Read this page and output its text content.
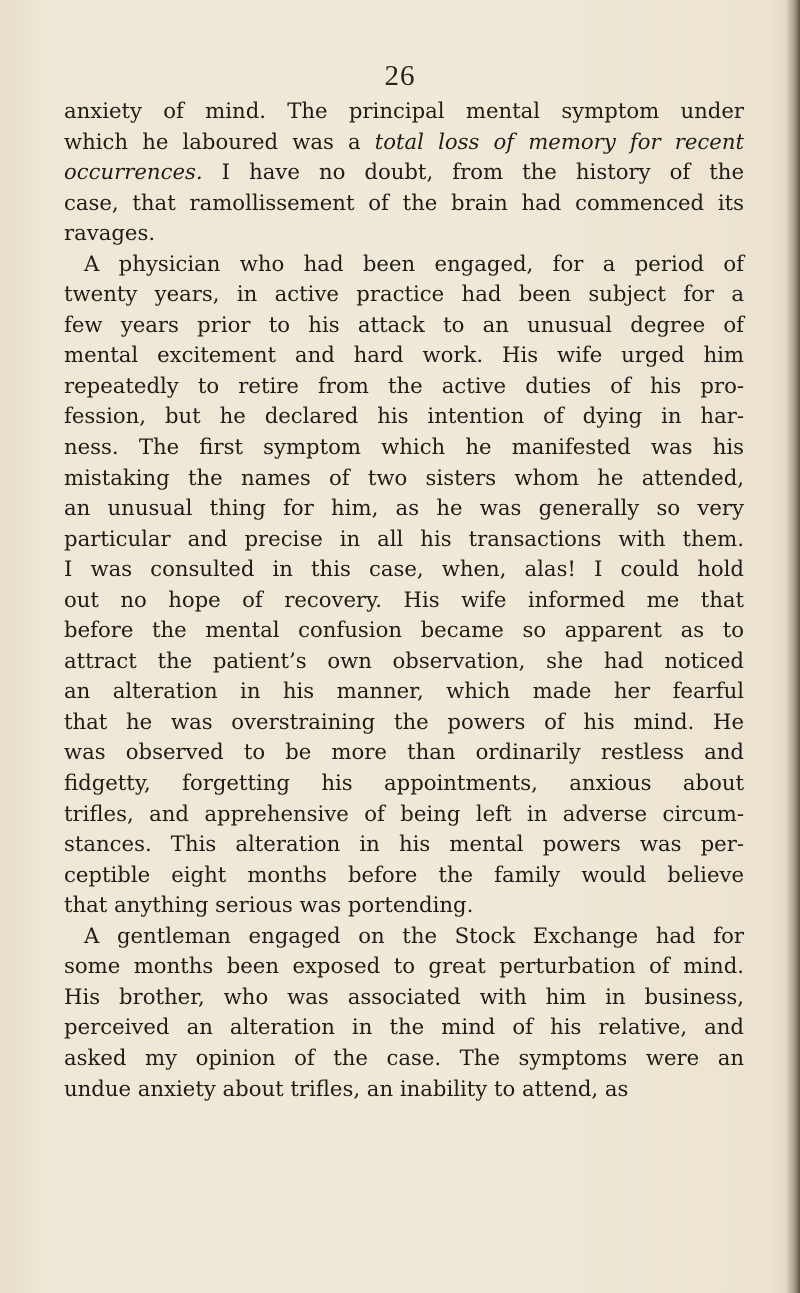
26
anxiety of mind. The principal mental symptom under
which he laboured was a total loss of memory for recent
occurrences. I have no doubt, from the history of the
case, that ramollissement of the brain had commenced its
ravages.
A physician who had been engaged, for a period of
twenty years, in active practice had been subject for a
few years prior to his attack to an unusual degree of
mental excitement and hard work. His wife urged him
repeatedly to retire from the active duties of his pro-
fession, but he declared his intention of dying in har-
ness. The first symptom which he manifested was his
mistaking the names of two sisters whom he attended,
an unusual thing for him, as he was generally so very
particular and precise in all his transactions with them.
I was consulted in this case, when, alas! I could hold
out no hope of recovery. His wife informed me that
before the mental confusion became so apparent as to
attract the patient’s own observation, she had noticed
an alteration in his manner, which made her fearful
that he was overstraining the powers of his mind. He
was observed to be more than ordinarily restless and
fidgetty, forgetting his appointments, anxious about
trifles, and apprehensive of being left in adverse circum-
stances. This alteration in his mental powers was per-
ceptible eight months before the family would believe
that anything serious was portending.
A gentleman engaged on the Stock Exchange had for
some months been exposed to great perturbation of mind.
His brother, who was associated with him in business,
perceived an alteration in the mind of his relative, and
asked my opinion of the case. The symptoms were an
undue anxiety about trifles, an inability to attend, as
